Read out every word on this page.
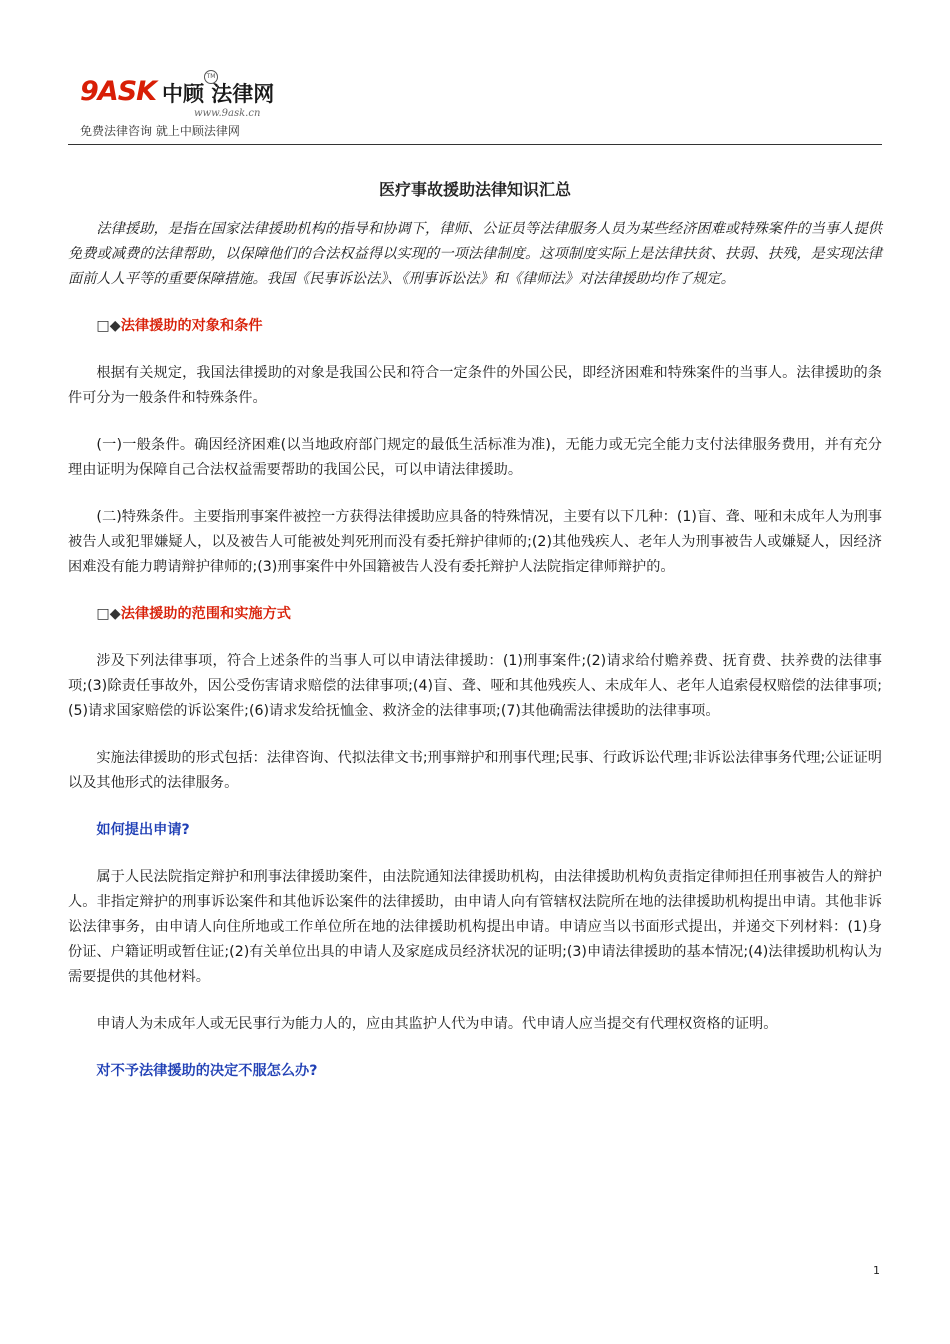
9ASK 中顾 法律网
TM
www.9ask.cn
免费法律咨询 就上中顾法律网
医疗事故援助法律知识汇总

法律援助，是指在国家法律援助机构的指导和协调下，律师、公证员等法律服务人员为某些经济困难或特殊案件的当事人提供免费或减费的法律帮助，以保障他们的合法权益得以实现的一项法律制度。这项制度实际上是法律扶贫、扶弱、扶残，是实现法律面前人人平等的重要保障措施。我国《民事诉讼法》、《刑事诉讼法》和《律师法》对法律援助均作了规定。

□◆法律援助的对象和条件

根据有关规定，我国法律援助的对象是我国公民和符合一定条件的外国公民，即经济困难和特殊案件的当事人。法律援助的条件可分为一般条件和特殊条件。

(一)一般条件。确因经济困难(以当地政府部门规定的最低生活标准为准)，无能力或无完全能力支付法律服务费用，并有充分理由证明为保障自己合法权益需要帮助的我国公民，可以申请法律援助。

(二)特殊条件。主要指刑事案件被控一方获得法律援助应具备的特殊情况，主要有以下几种：(1)盲、聋、哑和未成年人为刑事被告人或犯罪嫌疑人，以及被告人可能被处判死刑而没有委托辩护律师的;(2)其他残疾人、老年人为刑事被告人或嫌疑人，因经济困难没有能力聘请辩护律师的;(3)刑事案件中外国籍被告人没有委托辩护人法院指定律师辩护的。

□◆法律援助的范围和实施方式

涉及下列法律事项，符合上述条件的当事人可以申请法律援助：(1)刑事案件;(2)请求给付赡养费、抚育费、扶养费的法律事项;(3)除责任事故外，因公受伤害请求赔偿的法律事项;(4)盲、聋、哑和其他残疾人、未成年人、老年人追索侵权赔偿的法律事项;(5)请求国家赔偿的诉讼案件;(6)请求发给抚恤金、救济金的法律事项;(7)其他确需法律援助的法律事项。

实施法律援助的形式包括：法律咨询、代拟法律文书;刑事辩护和刑事代理;民事、行政诉讼代理;非诉讼法律事务代理;公证证明以及其他形式的法律服务。

如何提出申请?

属于人民法院指定辩护和刑事法律援助案件，由法院通知法律援助机构，由法律援助机构负责指定律师担任刑事被告人的辩护人。非指定辩护的刑事诉讼案件和其他诉讼案件的法律援助，由申请人向有管辖权法院所在地的法律援助机构提出申请。其他非诉讼法律事务，由申请人向住所地或工作单位所在地的法律援助机构提出申请。申请应当以书面形式提出，并递交下列材料：(1)身份证、户籍证明或暂住证;(2)有关单位出具的申请人及家庭成员经济状况的证明;(3)申请法律援助的基本情况;(4)法律援助机构认为需要提供的其他材料。

申请人为未成年人或无民事行为能力人的，应由其监护人代为申请。代申请人应当提交有代理权资格的证明。

对不予法律援助的决定不服怎么办?

1
